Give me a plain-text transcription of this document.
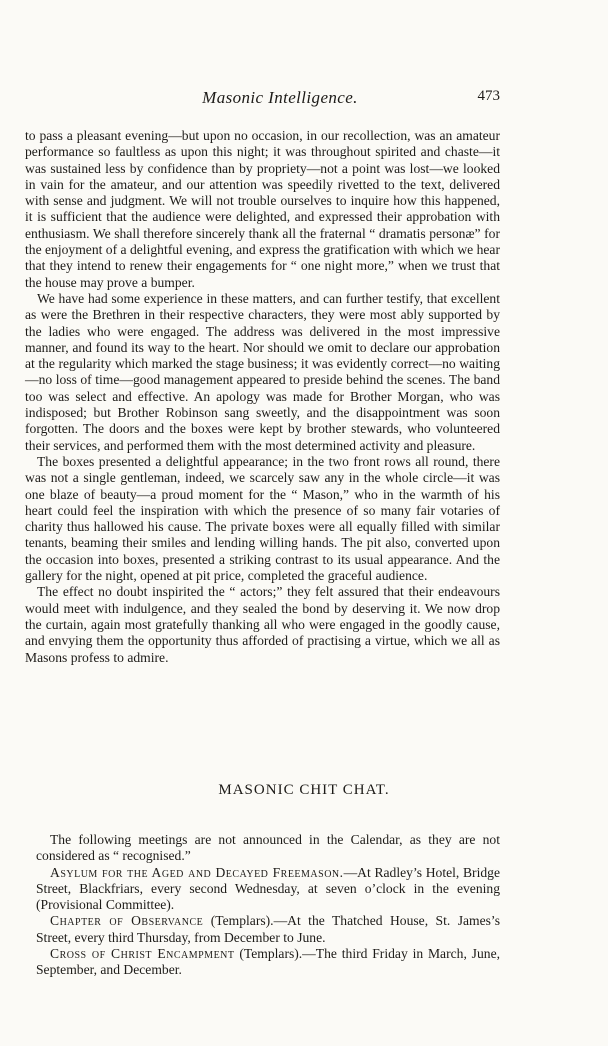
Masonic Intelligence.	473

to pass a pleasant evening—but upon no occasion, in our recollection, was an amateur performance so faultless as upon this night; it was throughout spirited and chaste—it was sustained less by confidence than by propriety—not a point was lost—we looked in vain for the amateur, and our attention was speedily rivetted to the text, delivered with sense and judgment. We will not trouble ourselves to inquire how this happened, it is sufficient that the audience were delighted, and expressed their approbation with enthusiasm. We shall therefore sincerely thank all the fraternal “ dramatis personæ” for the enjoyment of a delightful evening, and express the gratification with which we hear that they intend to renew their engagements for “ one night more,” when we trust that the house may prove a bumper.

We have had some experience in these matters, and can further testify, that excellent as were the Brethren in their respective characters, they were most ably supported by the ladies who were engaged. The address was delivered in the most impressive manner, and found its way to the heart. Nor should we omit to declare our approbation at the regularity which marked the stage business; it was evidently correct—no waiting—no loss of time—good management appeared to preside behind the scenes. The band too was select and effective. An apology was made for Brother Morgan, who was indisposed; but Brother Robinson sang sweetly, and the disappointment was soon forgotten. The doors and the boxes were kept by brother stewards, who volunteered their services, and performed them with the most determined activity and pleasure.

The boxes presented a delightful appearance; in the two front rows all round, there was not a single gentleman, indeed, we scarcely saw any in the whole circle—it was one blaze of beauty—a proud moment for the “ Mason,” who in the warmth of his heart could feel the inspiration with which the presence of so many fair votaries of charity thus hallowed his cause. The private boxes were all equally filled with similar tenants, beaming their smiles and lending willing hands. The pit also, converted upon the occasion into boxes, presented a striking contrast to its usual appearance. And the gallery for the night, opened at pit price, completed the graceful audience.

The effect no doubt inspirited the “ actors;” they felt assured that their endeavours would meet with indulgence, and they sealed the bond by deserving it. We now drop the curtain, again most gratefully thanking all who were engaged in the goodly cause, and envying them the opportunity thus afforded of practising a virtue, which we all as Masons profess to admire.

MASONIC CHIT CHAT.

The following meetings are not announced in the Calendar, as they are not considered as “ recognised.”

Asylum for the Aged and Decayed Freemason.—At Radley’s Hotel, Bridge Street, Blackfriars, every second Wednesday, at seven o’clock in the evening (Provisional Committee).

Chapter of Observance (Templars).—At the Thatched House, St. James’s Street, every third Thursday, from December to June.

Cross of Christ Encampment (Templars).—The third Friday in March, June, September, and December.
